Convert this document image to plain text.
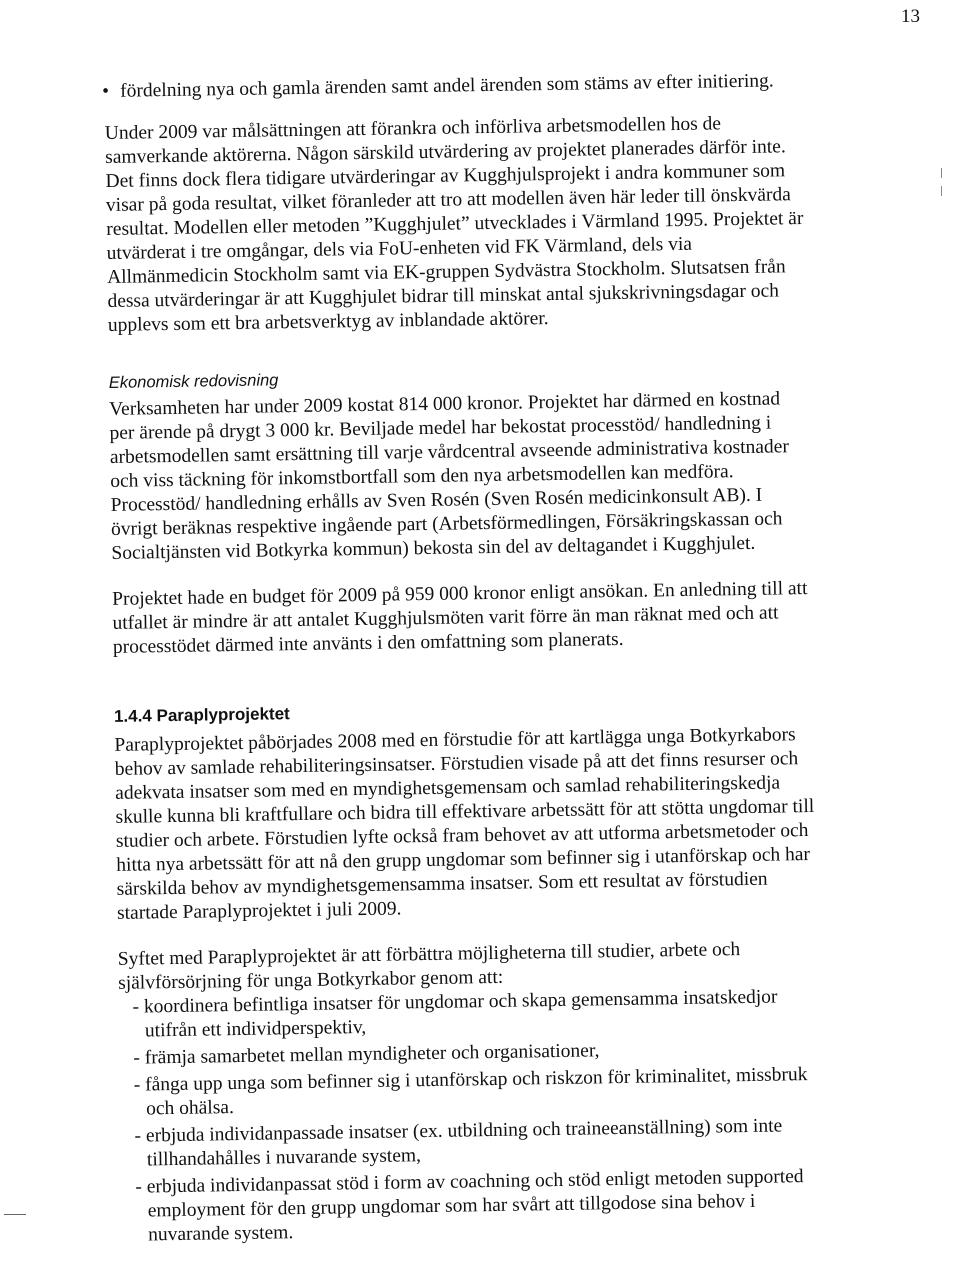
13
• fördelning nya och gamla ärenden samt andel ärenden som stäms av efter initiering.

Under 2009 var målsättningen att förankra och införliva arbetsmodellen hos de samverkande aktörerna. Någon särskild utvärdering av projektet planerades därför inte. Det finns dock flera tidigare utvärderingar av Kugghjulsprojekt i andra kommuner som visar på goda resultat, vilket föranleder att tro att modellen även här leder till önskvärda resultat. Modellen eller metoden ”Kugghjulet” utvecklades i Värmland 1995. Projektet är utvärderat i tre omgångar, dels via FoU-enheten vid FK Värmland, dels via Allmänmedicin Stockholm samt via EK-gruppen Sydvästra Stockholm. Slutsatsen från dessa utvärderingar är att Kugghjulet bidrar till minskat antal sjukskrivningsdagar och upplevs som ett bra arbetsverktyg av inblandade aktörer.

Ekonomisk redovisning

Verksamheten har under 2009 kostat 814 000 kronor. Projektet har därmed en kostnad per ärende på drygt 3 000 kr. Beviljade medel har bekostat processtöd/ handledning i arbetsmodellen samt ersättning till varje vårdcentral avseende administrativa kostnader och viss täckning för inkomstbortfall som den nya arbetsmodellen kan medföra. Processtöd/ handledning erhålls av Sven Rosén (Sven Rosén medicinkonsult AB). I övrigt beräknas respektive ingående part (Arbetsförmedlingen, Försäkringskassan och Socialtjänsten vid Botkyrka kommun) bekosta sin del av deltagandet i Kugghjulet.

Projektet hade en budget för 2009 på 959 000 kronor enligt ansökan. En anledning till att utfallet är mindre är att antalet Kugghjulsmöten varit förre än man räknat med och att processtödet därmed inte använts i den omfattning som planerats.

1.4.4 Paraplyprojektet

Paraplyprojektet påbörjades 2008 med en förstudie för att kartlägga unga Botkyrkabors behov av samlade rehabiliteringsinsatser. Förstudien visade på att det finns resurser och adekvata insatser som med en myndighetsgemensam och samlad rehabiliteringskedja skulle kunna bli kraftfullare och bidra till effektivare arbetssätt för att stötta ungdomar till studier och arbete. Förstudien lyfte också fram behovet av att utforma arbetsmetoder och hitta nya arbetssätt för att nå den grupp ungdomar som befinner sig i utanförskap och har särskilda behov av myndighetsgemensamma insatser. Som ett resultat av förstudien startade Paraplyprojektet i juli 2009.

Syftet med Paraplyprojektet är att förbättra möjligheterna till studier, arbete och självförsörjning för unga Botkyrkabor genom att:

- koordinera befintliga insatser för ungdomar och skapa gemensamma insatskedjor utifrån ett individperspektiv,
- främja samarbetet mellan myndigheter och organisationer,
- fånga upp unga som befinner sig i utanförskap och riskzon för kriminalitet, missbruk och ohälsa.
- erbjuda individanpassade insatser (ex. utbildning och traineeanställning) som inte tillhandahålles i nuvarande system,
- erbjuda individanpassat stöd i form av coachning och stöd enligt metoden supported employment för den grupp ungdomar som har svårt att tillgodose sina behov i nuvarande system.
